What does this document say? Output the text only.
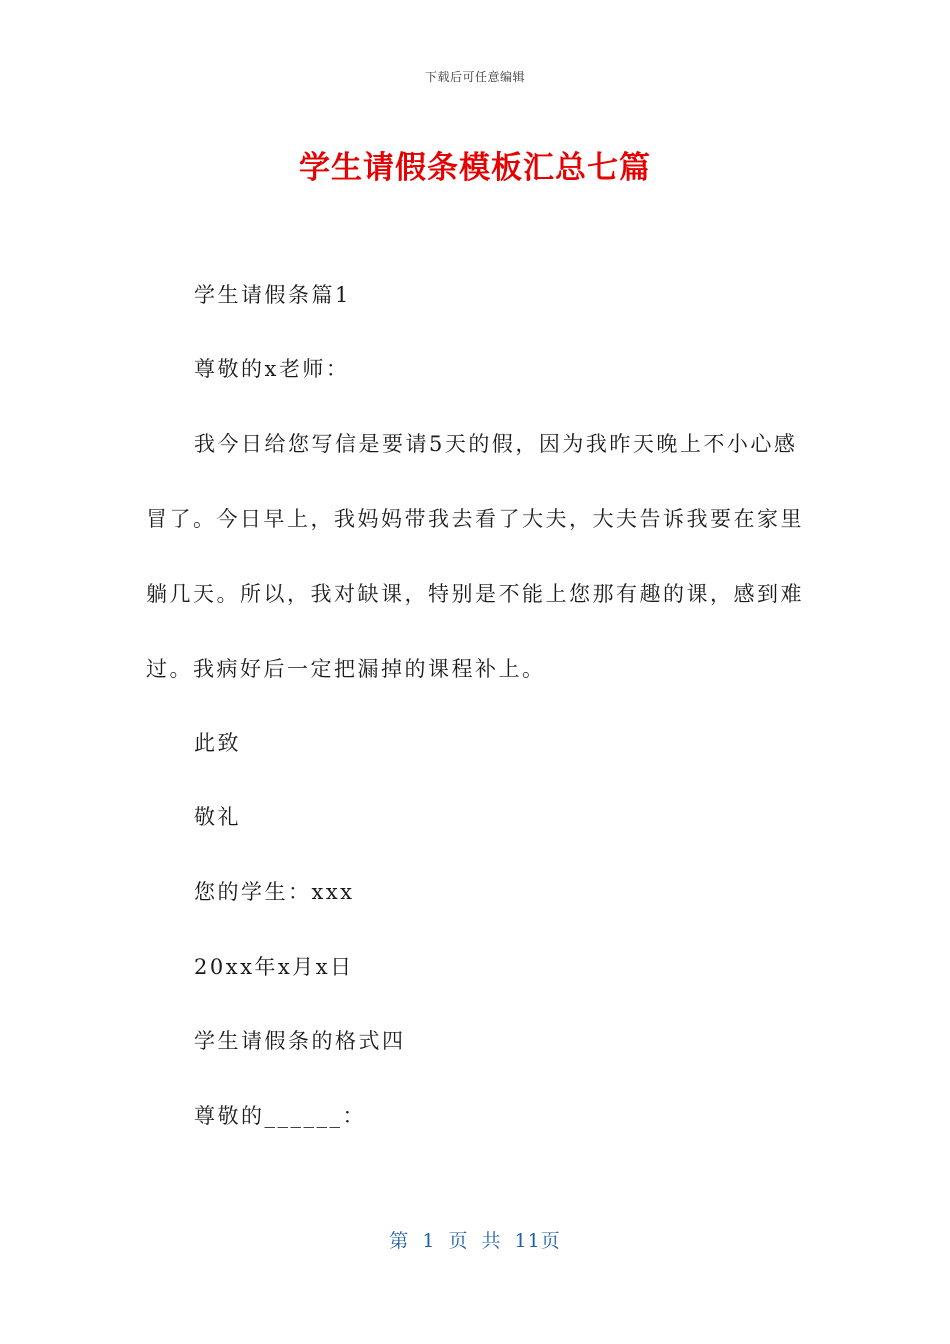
下载后可任意编辑
学生请假条模板汇总七篇

学生请假条篇1

尊敬的x老师：

我今日给您写信是要请5天的假，因为我昨天晚上不小心感冒了。今日早上，我妈妈带我去看了大夫，大夫告诉我要在家里躺几天。所以，我对缺课，特别是不能上您那有趣的课，感到难过。我病好后一定把漏掉的课程补上。

此致

敬礼

您的学生：xxx

20xx年x月x日

学生请假条的格式四

尊敬的______：

第 1 页 共 11页
